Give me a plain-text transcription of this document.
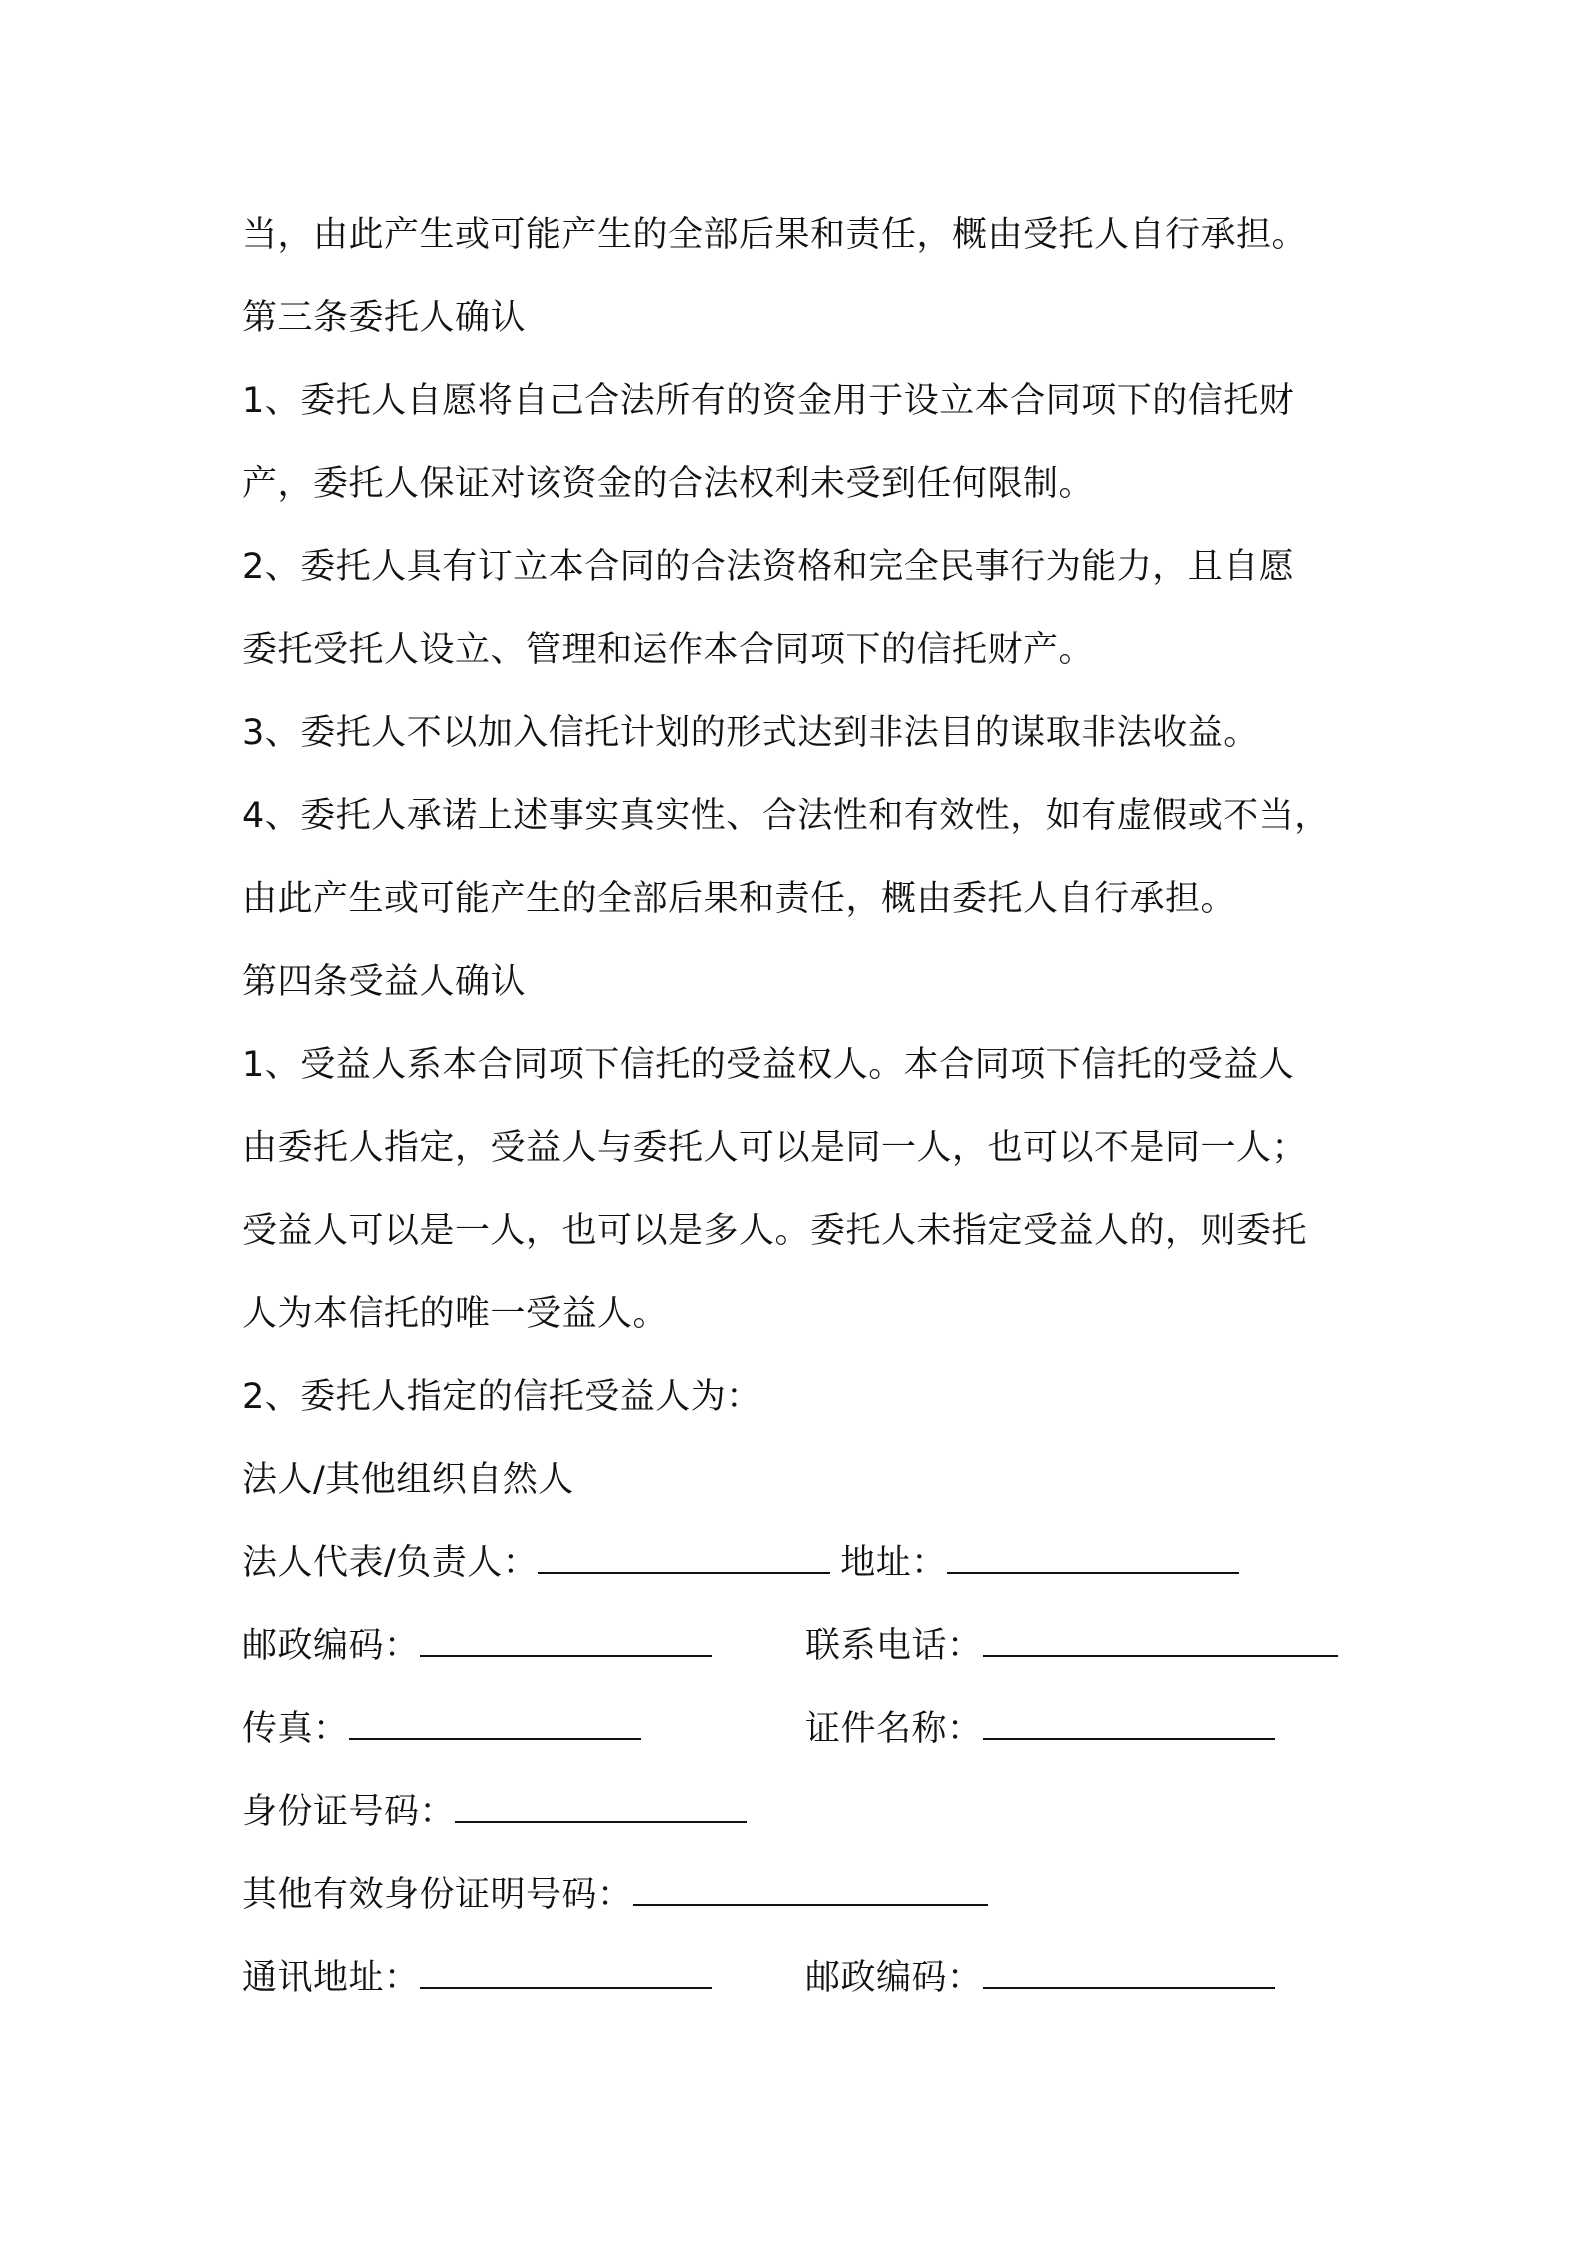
当，由此产生或可能产生的全部后果和责任，概由受托人自行承担。
第三条委托人确认
1、委托人自愿将自己合法所有的资金用于设立本合同项下的信托财
产，委托人保证对该资金的合法权利未受到任何限制。
2、委托人具有订立本合同的合法资格和完全民事行为能力，且自愿
委托受托人设立、管理和运作本合同项下的信托财产。
3、委托人不以加入信托计划的形式达到非法目的谋取非法收益。
4、委托人承诺上述事实真实性、合法性和有效性，如有虚假或不当，
由此产生或可能产生的全部后果和责任，概由委托人自行承担。
第四条受益人确认
1、受益人系本合同项下信托的受益权人。本合同项下信托的受益人
由委托人指定，受益人与委托人可以是同一人，也可以不是同一人；
受益人可以是一人，也可以是多人。委托人未指定受益人的，则委托
人为本信托的唯一受益人。
2、委托人指定的信托受益人为：
法人/其他组织自然人
法人代表/负责人：	地址：
邮政编码：	联系电话：
传真：	证件名称：
身份证号码：
其他有效身份证明号码：
通讯地址：	邮政编码：
